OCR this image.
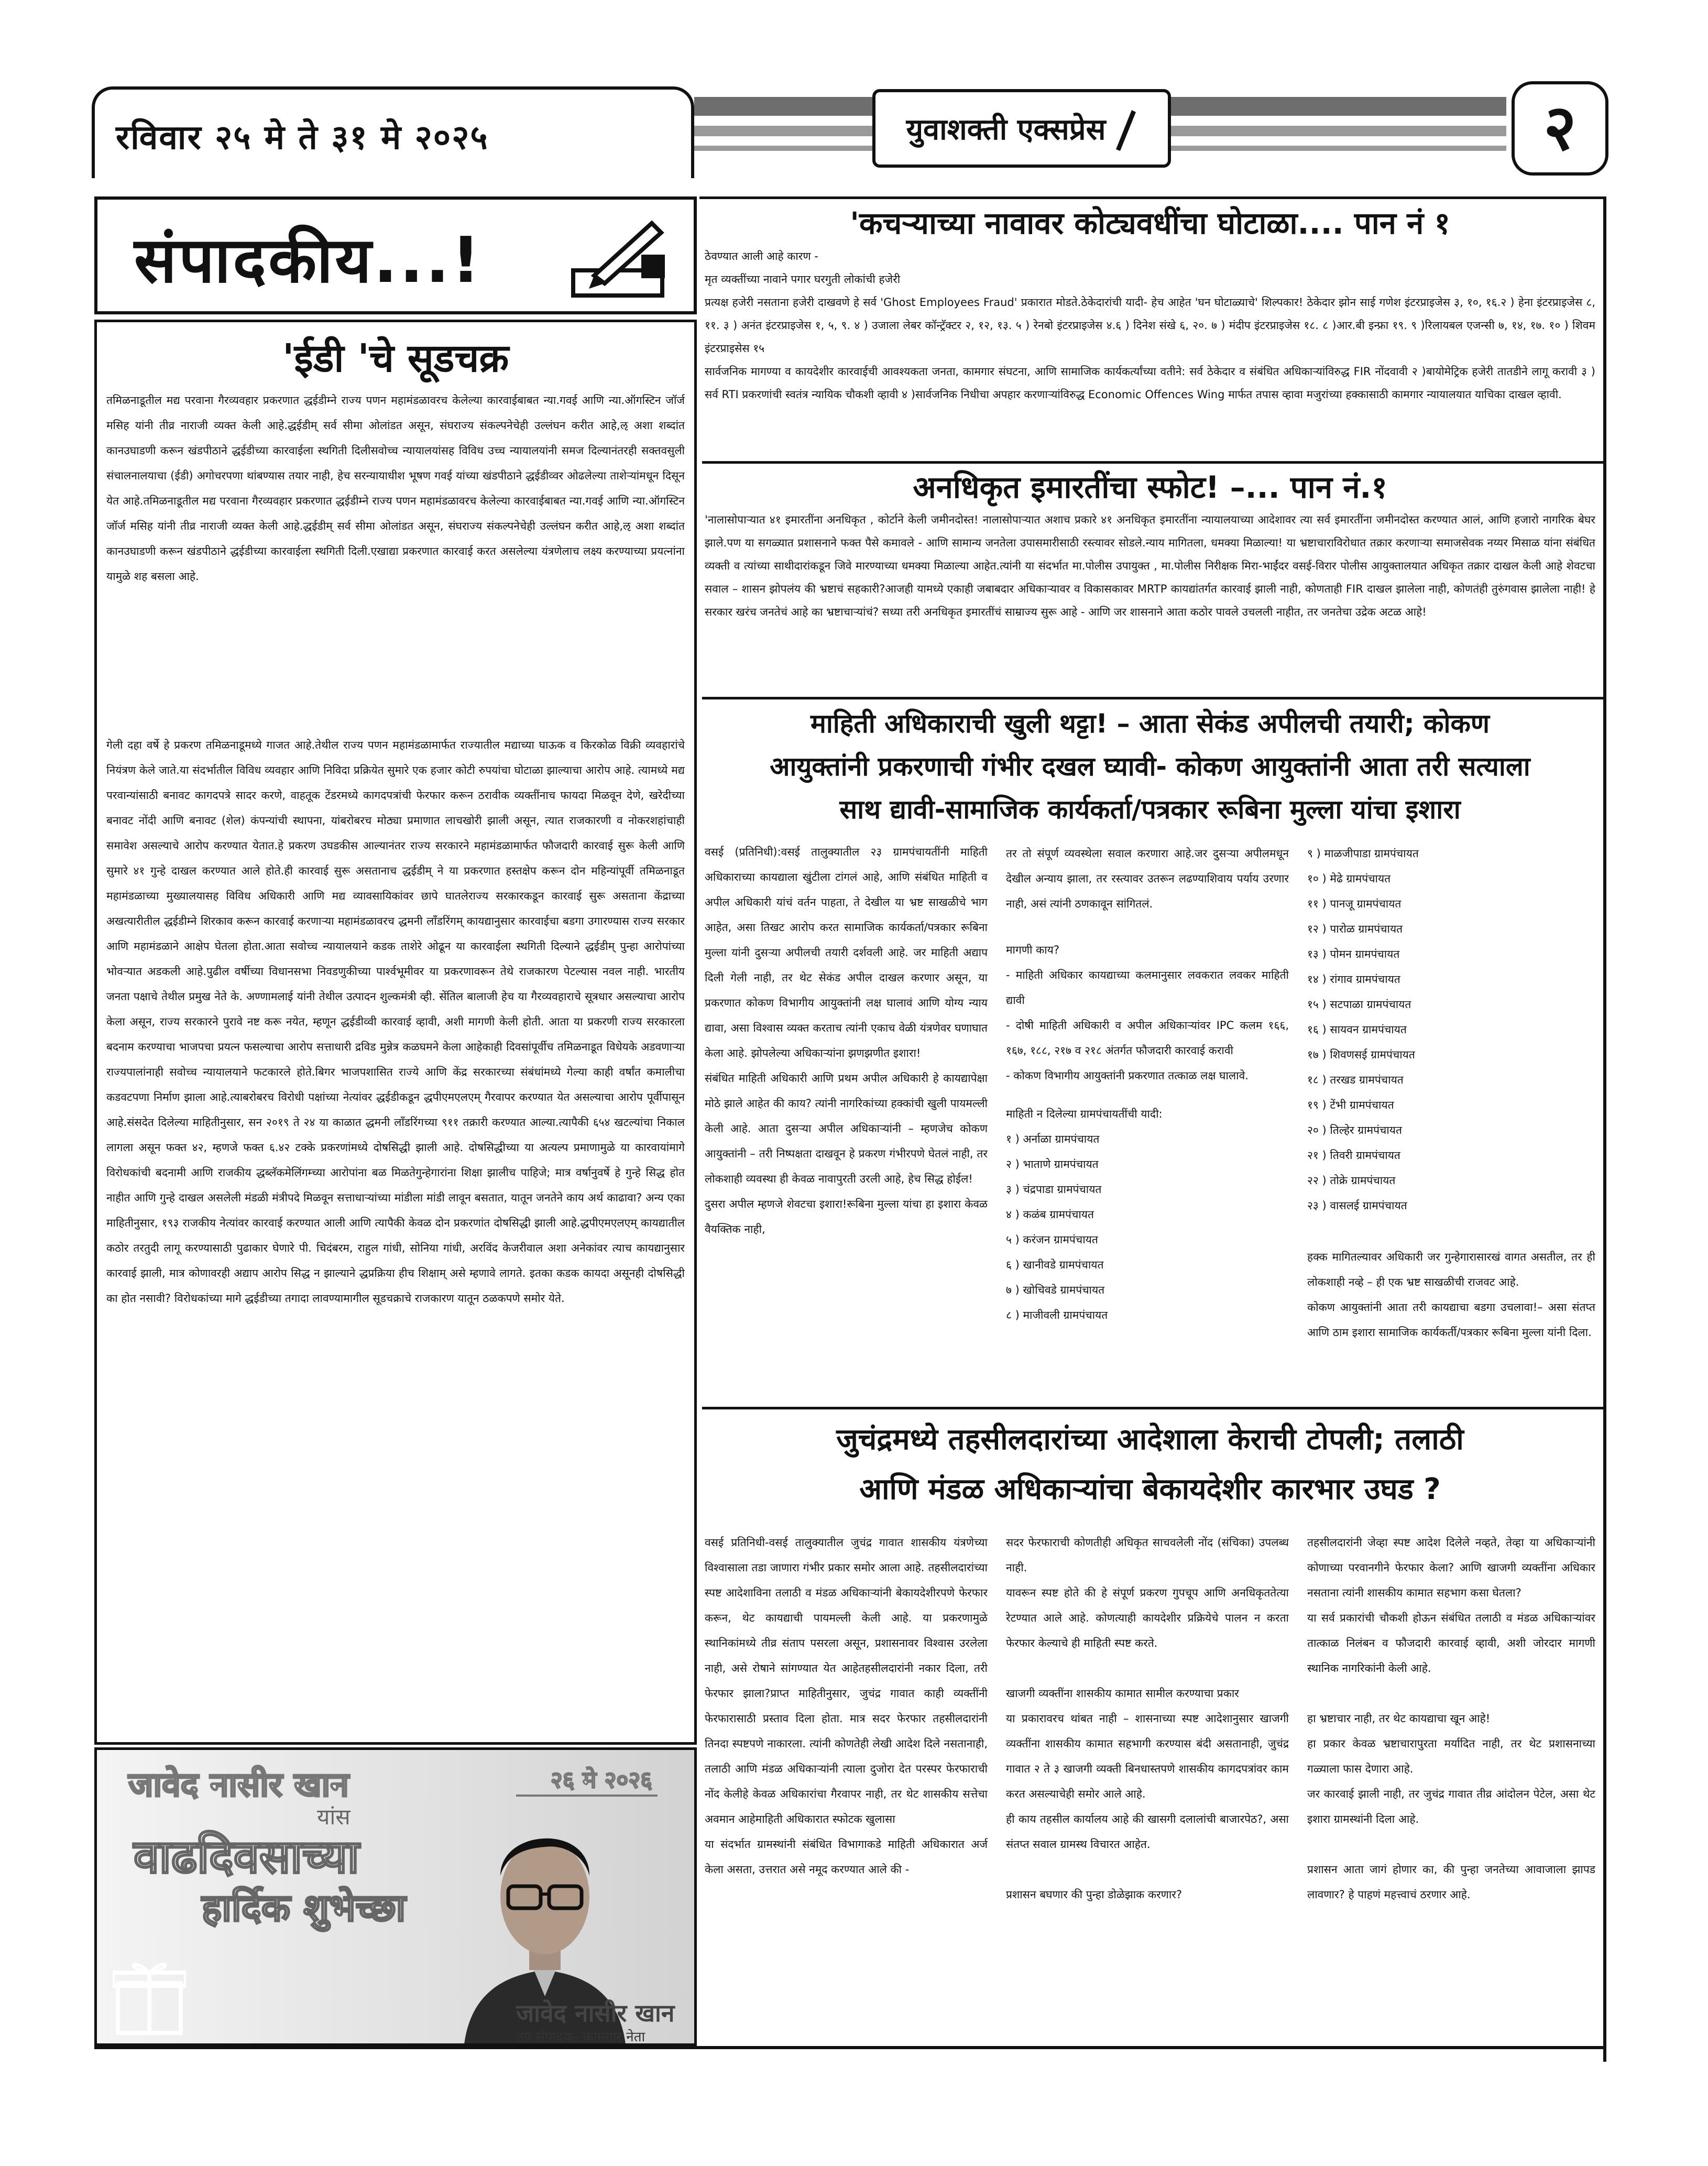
रविवार २५ मे ते ३१ मे २०२५	युवाशक्ती एक्सप्रेस	२
संपादकीय...!
'ईडी 'चे सूडचक्र
तमिळनाडूतील मद्य परवाना गैरव्यवहार प्रकरणात द्धईडीम्ने राज्य पणन महामंडळावरच केलेल्या कारवाईबाबत न्या.गवई आणि न्या.ऑगस्टिन जॉर्ज मसिह यांनी तीव्र नाराजी व्यक्त केली आहे.द्धईडीम् सर्व सीमा ओलांडत असून, संघराज्य संकल्पनेचेही उल्लंघन करीत आहे,ऌ अशा शब्दांत कानउघाडणी करून खंडपीठाने द्धईडीच्या कारवाईला स्थगिती दिलीसवोच्च न्यायालयांसह विविध उच्च न्यायालयांनी समज दिल्यानंतरही सक्तवसुली संचालनालयाचा (ईडी) अगोचरपणा थांबण्यास तयार नाही, हेच सरन्यायाधीश भूषण गवई यांच्या खंडपीठाने द्धईडीव्वर ओढलेल्या ताशेऱ्यांमधून दिसून येत आहे.तमिळनाडूतील मद्य परवाना गैरव्यवहार प्रकरणात द्धईडीम्ने राज्य पणन महामंडळावरच केलेल्या कारवाईबाबत न्या.गवई आणि न्या.ऑगस्टिन जॉर्ज मसिह यांनी तीव्र नाराजी व्यक्त केली आहे.द्धईडीम् सर्व सीमा ओलांडत असून, संघराज्य संकल्पनेचेही उल्लंघन करीत आहे,ऌ अशा शब्दांत कानउघाडणी करून खंडपीठाने द्धईडीच्या कारवाईला स्थगिती दिली.एखाद्या प्रकरणात कारवाई करत असलेल्या यंत्रणेलाच लक्ष्य करण्याच्या प्रयत्नांना यामुळे शह बसला आहे.
गेली दहा वर्षे हे प्रकरण तमिळनाडूमध्ये गाजत आहे.तेथील राज्य पणन महामंडळामार्फत राज्यातील मद्याच्या घाऊक व किरकोळ विक्री व्यवहारांचे नियंत्रण केले जाते.या संदर्भातील विविध व्यवहार आणि निविदा प्रक्रियेत सुमारे एक हजार कोटी रुपयांचा घोटाळा झाल्याचा आरोप आहे. त्यामध्ये मद्य परवान्यांसाठी बनावट कागदपत्रे सादर करणे, वाहतूक टेंडरमध्ये कागदपत्रांची फेरफार करून ठरावीक व्यक्तींनाच फायदा मिळवून देणे, खरेदीच्या बनावट नोंदी आणि बनावट (शेल) कंपन्यांची स्थापना, यांबरोबरच मोठ्या प्रमाणात लाचखोरी झाली असून, त्यात राजकारणी व नोकरशहांचाही समावेश असल्याचे आरोप करण्यात येतात.हे प्रकरण उघडकीस आल्यानंतर राज्य सरकारने महामंडळामार्फत फौजदारी कारवाई सुरू केली आणि सुमारे ४१ गुन्हे दाखल करण्यात आले होते.ही कारवाई सुरू असतानाच द्धईडीम् ने या प्रकरणात हस्तक्षेप करून दोन महिन्यांपूर्वी तमिळनाडूत महामंडळाच्या मुख्यालयासह विविध अधिकारी आणि मद्य व्यावसायिकांवर छापे घातलेराज्य सरकारकडून कारवाई सुरू असताना केंद्राच्या अखत्यारीतील द्धईडीम्ने शिरकाव करून कारवाई करणाऱ्या महामंडळावरच द्धमनी लाँडरिंगम् कायद्यानुसार कारवाईचा बडगा उगारण्यास राज्य सरकार आणि महामंडळाने आक्षेप घेतला होता.आता सवोच्च न्यायालयाने कडक ताशेरे ओढून या कारवाईला स्थगिती दिल्याने द्धईडीम् पुन्हा आरोपांच्या भोवऱ्यात अडकली आहे.पुढील वर्षीच्या विधानसभा निवडणुकीच्या पार्श्वभूमीवर या प्रकरणावरून तेथे राजकारण पेटल्यास नवल नाही. भारतीय जनता पक्षाचे तेथील प्रमुख नेते के. अण्णामलाई यांनी तेथील उत्पादन शुल्कमंत्री व्ही. सेंतिल बालाजी हेच या गैरव्यवहाराचे सूत्रधार असल्याचा आरोप केला असून, राज्य सरकारने पुरावे नष्ट करू नयेत, म्हणून द्धईडीव्वी कारवाई व्हावी, अशी मागणी केली होती. आता या प्रकरणी राज्य सरकारला बदनाम करण्याचा भाजपचा प्रयत्न फसल्याचा आरोप सत्ताधारी द्रविड मुन्नेत्र कळघमने केला आहेकाही दिवसांपूर्वीच तमिळनाडूत विधेयके अडवणाऱ्या राज्यपालांनाही सवोच्च न्यायालयाने फटकारले होते.बिगर भाजपशासित राज्ये आणि केंद्र सरकारच्या संबंधांमध्ये गेल्या काही वर्षांत कमालीचा कडवटपणा निर्माण झाला आहे.त्याबरोबरच विरोधी पक्षांच्या नेत्यांवर द्धईडीकडून द्धपीएमएलएम् गैरवापर करण्यात येत असल्याचा आरोप पूर्वीपासून आहे.संसदेत दिलेल्या माहितीनुसार, सन २०१९ ते २४ या काळात द्धमनी लाँडरिंगच्या ९११ तक्रारी करण्यात आल्या.त्यापैकी ६५४ खटल्यांचा निकाल लागला असून फक्त ४२, म्हणजे फक्त ६.४२ टक्के प्रकरणांमध्ये दोषसिद्धी झाली आहे. दोषसिद्धीच्या या अत्यल्प प्रमाणामुळे या कारवायांमागे विरोधकांची बदनामी आणि राजकीय द्धब्लॅकमेलिंगम्च्या आरोपांना बळ मिळतेगुन्हेगारांना शिक्षा झालीच पाहिजे; मात्र वर्षानुवर्षे हे गुन्हे सिद्ध होत नाहीत आणि गुन्हे दाखल असलेली मंडळी मंत्रीपदे मिळवून सत्ताधाऱ्यांच्या मांडीला मांडी लावून बसतात, यातून जनतेने काय अर्थ काढावा? अन्य एका माहितीनुसार, १९३ राजकीय नेत्यांवर कारवाई करण्यात आली आणि त्यापैकी केवळ दोन प्रकरणांत दोषसिद्धी झाली आहे.द्धपीएमएलएम् कायद्यातील कठोर तरतुदी लागू करण्यासाठी पुढाकार घेणारे पी. चिदंबरम, राहुल गांधी, सोनिया गांधी, अरविंद केजरीवाल अशा अनेकांवर त्याच कायद्यानुसार कारवाई झाली, मात्र कोणावरही अद्याप आरोप सिद्ध न झाल्याने द्धप्रक्रिया हीच शिक्षाम् असे म्हणावे लागते. इतका कडक कायदा असूनही दोषसिद्धी का होत नसावी? विरोधकांच्या मागे द्धईडीच्या तगादा लावण्यामागील सूडचक्राचे राजकारण यातून ठळकपणे समोर येते.
जावेद नासीर खान	२६ मे २०२६
यांस
वाढदिवसाच्या
हार्दिक शुभेच्छा
जावेद नासीर खान
उप संपादक- कामगार नेता
'कचऱ्याच्या नावावर कोट्यवधींचा घोटाळा.... पान नं १
ठेवण्यात आली आहे कारण -
मृत व्यक्तींच्या नावाने पगार घरगुती लोकांची हजेरी
प्रत्यक्ष हजेरी नसताना हजेरी दाखवणे हे सर्व 'Ghost Employees Fraud' प्रकारात मोडते.ठेकेदारांची यादी- हेच आहेत 'घन घोटाळ्याचे' शिल्पकार! ठेकेदार झोन साई गणेश इंटरप्राइजेस ३, १०, १६.२ ) हेना इंटरप्राइजेस ८, ११. ३ ) अनंत इंटरप्राइजेस १, ५, ९. ४ ) उजाला लेबर कॉन्ट्रॅक्टर २, १२, १३. ५ ) रेनबो इंटरप्राइजेस ४.६ ) दिनेश संखे ६, २०. ७ ) मंदीप इंटरप्राइजेस १८. ८ )आर.बी इन्फ्रा १९. ९ )रिलायबल एजन्सी ७, १४, १७. १० ) शिवम इंटरप्राइसेस १५
सार्वजनिक मागण्या व कायदेशीर कारवाईची आवश्यकता जनता, कामगार संघटना, आणि सामाजिक कार्यकर्त्यांच्या वतीने: सर्व ठेकेदार व संबंधित अधिकाऱ्यांविरुद्ध FIR नोंदवावी २ )बायोमेट्रिक हजेरी तातडीने लागू करावी ३ ) सर्व RTI प्रकरणांची स्वतंत्र न्यायिक चौकशी व्हावी ४ )सार्वजनिक निधीचा अपहार करणाऱ्यांविरुद्ध Economic Offences Wing मार्फत तपास व्हावा मजुरांच्या हक्कासाठी कामगार न्यायालयात याचिका दाखल व्हावी.
अनधिकृत इमारतींचा स्फोट! –... पान नं.१
'नालासोपाऱ्यात ४१ इमारतींना अनधिकृत , कोर्टाने केली जमीनदोस्त! नालासोपाऱ्यात अशाच प्रकारे ४१ अनधिकृत इमारतींना न्यायालयाच्या आदेशावर त्या सर्व इमारतींना जमीनदोस्त करण्यात आलं, आणि हजारो नागरिक बेघर झाले.पण या सगळ्यात प्रशासनाने फक्त पैसे कमावले - आणि सामान्य जनतेला उपासमारीसाठी रस्त्यावर सोडले.न्याय मागितला, धमक्या मिळाल्या! या भ्रष्टाचाराविरोधात तक्रार करणाऱ्या समाजसेवक नय्यर मिसाळ यांना संबंधित व्यक्ती व त्यांच्या साथीदारांकडून जिवे मारण्याच्या धमक्या मिळाल्या आहेत.त्यांनी या संदर्भात मा.पोलीस उपायुक्त , मा.पोलीस निरीक्षक मिरा-भाईंदर वसई-विरार पोलीस आयुक्तालयात अधिकृत तक्रार दाखल केली आहे शेवटचा सवाल – शासन झोपलंय की भ्रष्टाचं सहकारी?आजही यामध्ये एकाही जबाबदार अधिकाऱ्यावर व विकासकावर MRTP कायद्यांतर्गत कारवाई झाली नाही, कोणताही FIR दाखल झालेला नाही, कोणतंही तुरुंगवास झालेला नाही! हे सरकार खरंच जनतेचं आहे का भ्रष्टाचाऱ्यांचं? सध्या तरी अनधिकृत इमारतींचं साम्राज्य सुरू आहे - आणि जर शासनाने आता कठोर पावले उचलली नाहीत, तर जनतेचा उद्रेक अटळ आहे!
माहिती अधिकाराची खुली थट्टा! – आता सेकंड अपीलची तयारी; कोकण
आयुक्तांनी प्रकरणाची गंभीर दखल घ्यावी- कोकण आयुक्तांनी आता तरी सत्याला
साथ द्यावी-सामाजिक कार्यकर्ता/पत्रकार रूबिना मुल्ला यांचा इशारा
वसई (प्रतिनिधी):वसई तालुक्यातील २३ ग्रामपंचायतींनी माहिती अधिकाराच्या कायद्याला खुंटीला टांगलं आहे, आणि संबंधित माहिती व अपील अधिकारी यांचं वर्तन पाहता, ते देखील या भ्रष्ट साखळीचे भाग आहेत, असा तिखट आरोप करत सामाजिक कार्यकर्ता/पत्रकार रूबिना मुल्ला यांनी दुसऱ्या अपीलची तयारी दर्शवली आहे. जर माहिती अद्याप दिली गेली नाही, तर थेट सेकंड अपील दाखल करणार असून, या प्रकरणात कोकण विभागीय आयुक्तांनी लक्ष घालावं आणि योग्य न्याय द्यावा, असा विश्वास व्यक्त करताच त्यांनी एकाच वेळी यंत्रणेवर घणाघात केला आहे. झोपलेल्या अधिकाऱ्यांना झणझणीत इशारा!
संबंधित माहिती अधिकारी आणि प्रथम अपील अधिकारी हे कायद्यापेक्षा मोठे झाले आहेत की काय? त्यांनी नागरिकांच्या हक्कांची खुली पायमल्ली केली आहे. आता दुसऱ्या अपील अधिकाऱ्यांनी – म्हणजेच कोकण आयुक्तांनी – तरी निष्पक्षता दाखवून हे प्रकरण गंभीरपणे घेतलं नाही, तर लोकशाही व्यवस्था ही केवळ नावापुरती उरली आहे, हेच सिद्ध होईल!
दुसरा अपील म्हणजे शेवटचा इशारा!रूबिना मुल्ला यांचा हा इशारा केवळ वैयक्तिक नाही,
तर तो संपूर्ण व्यवस्थेला सवाल करणारा आहे.जर दुसऱ्या अपीलमधून देखील अन्याय झाला, तर रस्त्यावर उतरून लढण्याशिवाय पर्याय उरणार नाही, असं त्यांनी ठणकावून सांगितलं.
मागणी काय?
- माहिती अधिकार कायद्याच्या कलमानुसार लवकरात लवकर माहिती द्यावी
- दोषी माहिती अधिकारी व अपील अधिकाऱ्यांवर IPC कलम १६६, १६७, १८८, २१७ व २१८ अंतर्गत फौजदारी कारवाई करावी
- कोकण विभागीय आयुक्तांनी प्रकरणात तत्काळ लक्ष घालावे.
माहिती न दिलेल्या ग्रामपंचायतींची यादी:
१ ) अर्नाळा ग्रामपंचायत
२ ) भाताणे ग्रामपंचायत
३ ) चंद्रपाडा ग्रामपंचायत
४ ) कळंब ग्रामपंचायत
५ ) करंजन ग्रामपंचायत
६ ) खानीवडे ग्रामपंचायत
७ ) खोचिवडे ग्रामपंचायत
८ ) माजीवली ग्रामपंचायत
९ ) माळजीपाडा ग्रामपंचायत
१० ) मेढे ग्रामपंचायत
११ ) पानजू ग्रामपंचायत
१२ ) पारोळ ग्रामपंचायत
१३ ) पोमन ग्रामपंचायत
१४ ) रांगाव ग्रामपंचायत
१५ ) सटपाळा ग्रामपंचायत
१६ ) सायवन ग्रामपंचायत
१७ ) शिवणसई ग्रामपंचायत
१८ ) तरखड ग्रामपंचायत
१९ ) टेंभी ग्रामपंचायत
२० ) तिल्हेर ग्रामपंचायत
२१ ) तिवरी ग्रामपंचायत
२२ ) तोक्रे ग्रामपंचायत
२३ ) वासलई ग्रामपंचायत
हक्क मागितल्यावर अधिकारी जर गुन्हेगारासारखं वागत असतील, तर ही लोकशाही नव्हे – ही एक भ्रष्ट साखळीची राजवट आहे.
कोकण आयुक्तांनी आता तरी कायद्याचा बडगा उचलावा!– असा संतप्त आणि ठाम इशारा सामाजिक कार्यकर्ती/पत्रकार रूबिना मुल्ला यांनी दिला.
जुचंद्रमध्ये तहसीलदारांच्या आदेशाला केराची टोपली; तलाठी
आणि मंडळ अधिकाऱ्यांचा बेकायदेशीर कारभार उघड ?
वसई प्रतिनिधी-वसई तालुक्यातील जुचंद्र गावात शासकीय यंत्रणेच्या विश्वासाला तडा जाणारा गंभीर प्रकार समोर आला आहे. तहसीलदारांच्या स्पष्ट आदेशाविना तलाठी व मंडळ अधिकाऱ्यांनी बेकायदेशीरपणे फेरफार करून, थेट कायद्याची पायमल्ली केली आहे. या प्रकरणामुळे स्थानिकांमध्ये तीव्र संताप पसरला असून, प्रशासनावर विश्वास उरलेला नाही, असे रोषाने सांगण्यात येत आहेतहसीलदारांनी नकार दिला, तरी फेरफार झाला?प्राप्त माहितीनुसार, जुचंद्र गावात काही व्यक्तींनी फेरफारासाठी प्रस्ताव दिला होता. मात्र सदर फेरफार तहसीलदारांनी तिनदा स्पष्टपणे नाकारला. त्यांनी कोणतेही लेखी आदेश दिले नसतानाही, तलाठी आणि मंडळ अधिकाऱ्यांनी त्याला दुजोरा देत परस्पर फेरफाराची नोंद केलीहे केवळ अधिकारांचा गैरवापर नाही, तर थेट शासकीय सत्तेचा अवमान आहेमाहिती अधिकारात स्फोटक खुलासा
या संदर्भात ग्रामस्थांनी संबंधित विभागाकडे माहिती अधिकारात अर्ज केला असता, उत्तरात असे नमूद करण्यात आले की -
सदर फेरफाराची कोणतीही अधिकृत साचवलेली नोंद (संचिका) उपलब्ध नाही.
यावरून स्पष्ट होते की हे संपूर्ण प्रकरण गुपचूप आणि अनधिकृततेत्या रेटण्यात आले आहे. कोणत्याही कायदेशीर प्रक्रियेचे पालन न करता फेरफार केल्याचे ही माहिती स्पष्ट करते.

खाजगी व्यक्तींना शासकीय कामात सामील करण्याचा प्रकार
या प्रकारावरच थांबत नाही – शासनाच्या स्पष्ट आदेशानुसार खाजगी व्यक्तींना शासकीय कामात सहभागी करण्यास बंदी असतानाही, जुचंद्र गावात २ ते ३ खाजगी व्यक्ती बिनधास्तपणे शासकीय कागदपत्रांवर काम करत असल्याचेही समोर आले आहे.
ही काय तहसील कार्यालय आहे की खासगी दलालांची बाजारपेठ?, असा संतप्त सवाल ग्रामस्थ विचारत आहेत.

प्रशासन बघणार की पुन्हा डोळेझाक करणार?
तहसीलदारांनी जेव्हा स्पष्ट आदेश दिलेले नव्हते, तेव्हा या अधिकाऱ्यांनी कोणाच्या परवानगीने फेरफार केला? आणि खाजगी व्यक्तींना अधिकार नसताना त्यांनी शासकीय कामात सहभाग कसा घेतला?
या सर्व प्रकारांची चौकशी होऊन संबंधित तलाठी व मंडळ अधिकाऱ्यांवर तात्काळ निलंबन व फौजदारी कारवाई व्हावी, अशी जोरदार मागणी स्थानिक नागरिकांनी केली आहे.

हा भ्रष्टाचार नाही, तर थेट कायद्याचा खून आहे!
हा प्रकार केवळ भ्रष्टाचारापुरता मर्यादित नाही, तर थेट प्रशासनाच्या गळ्याला फास देणारा आहे.
जर कारवाई झाली नाही, तर जुचंद्र गावात तीव्र आंदोलन पेटेल, असा थेट इशारा ग्रामस्थांनी दिला आहे.

प्रशासन आता जागं होणार का, की पुन्हा जनतेच्या आवाजाला झापड लावणार? हे पाहणं महत्त्वाचं ठरणार आहे.
